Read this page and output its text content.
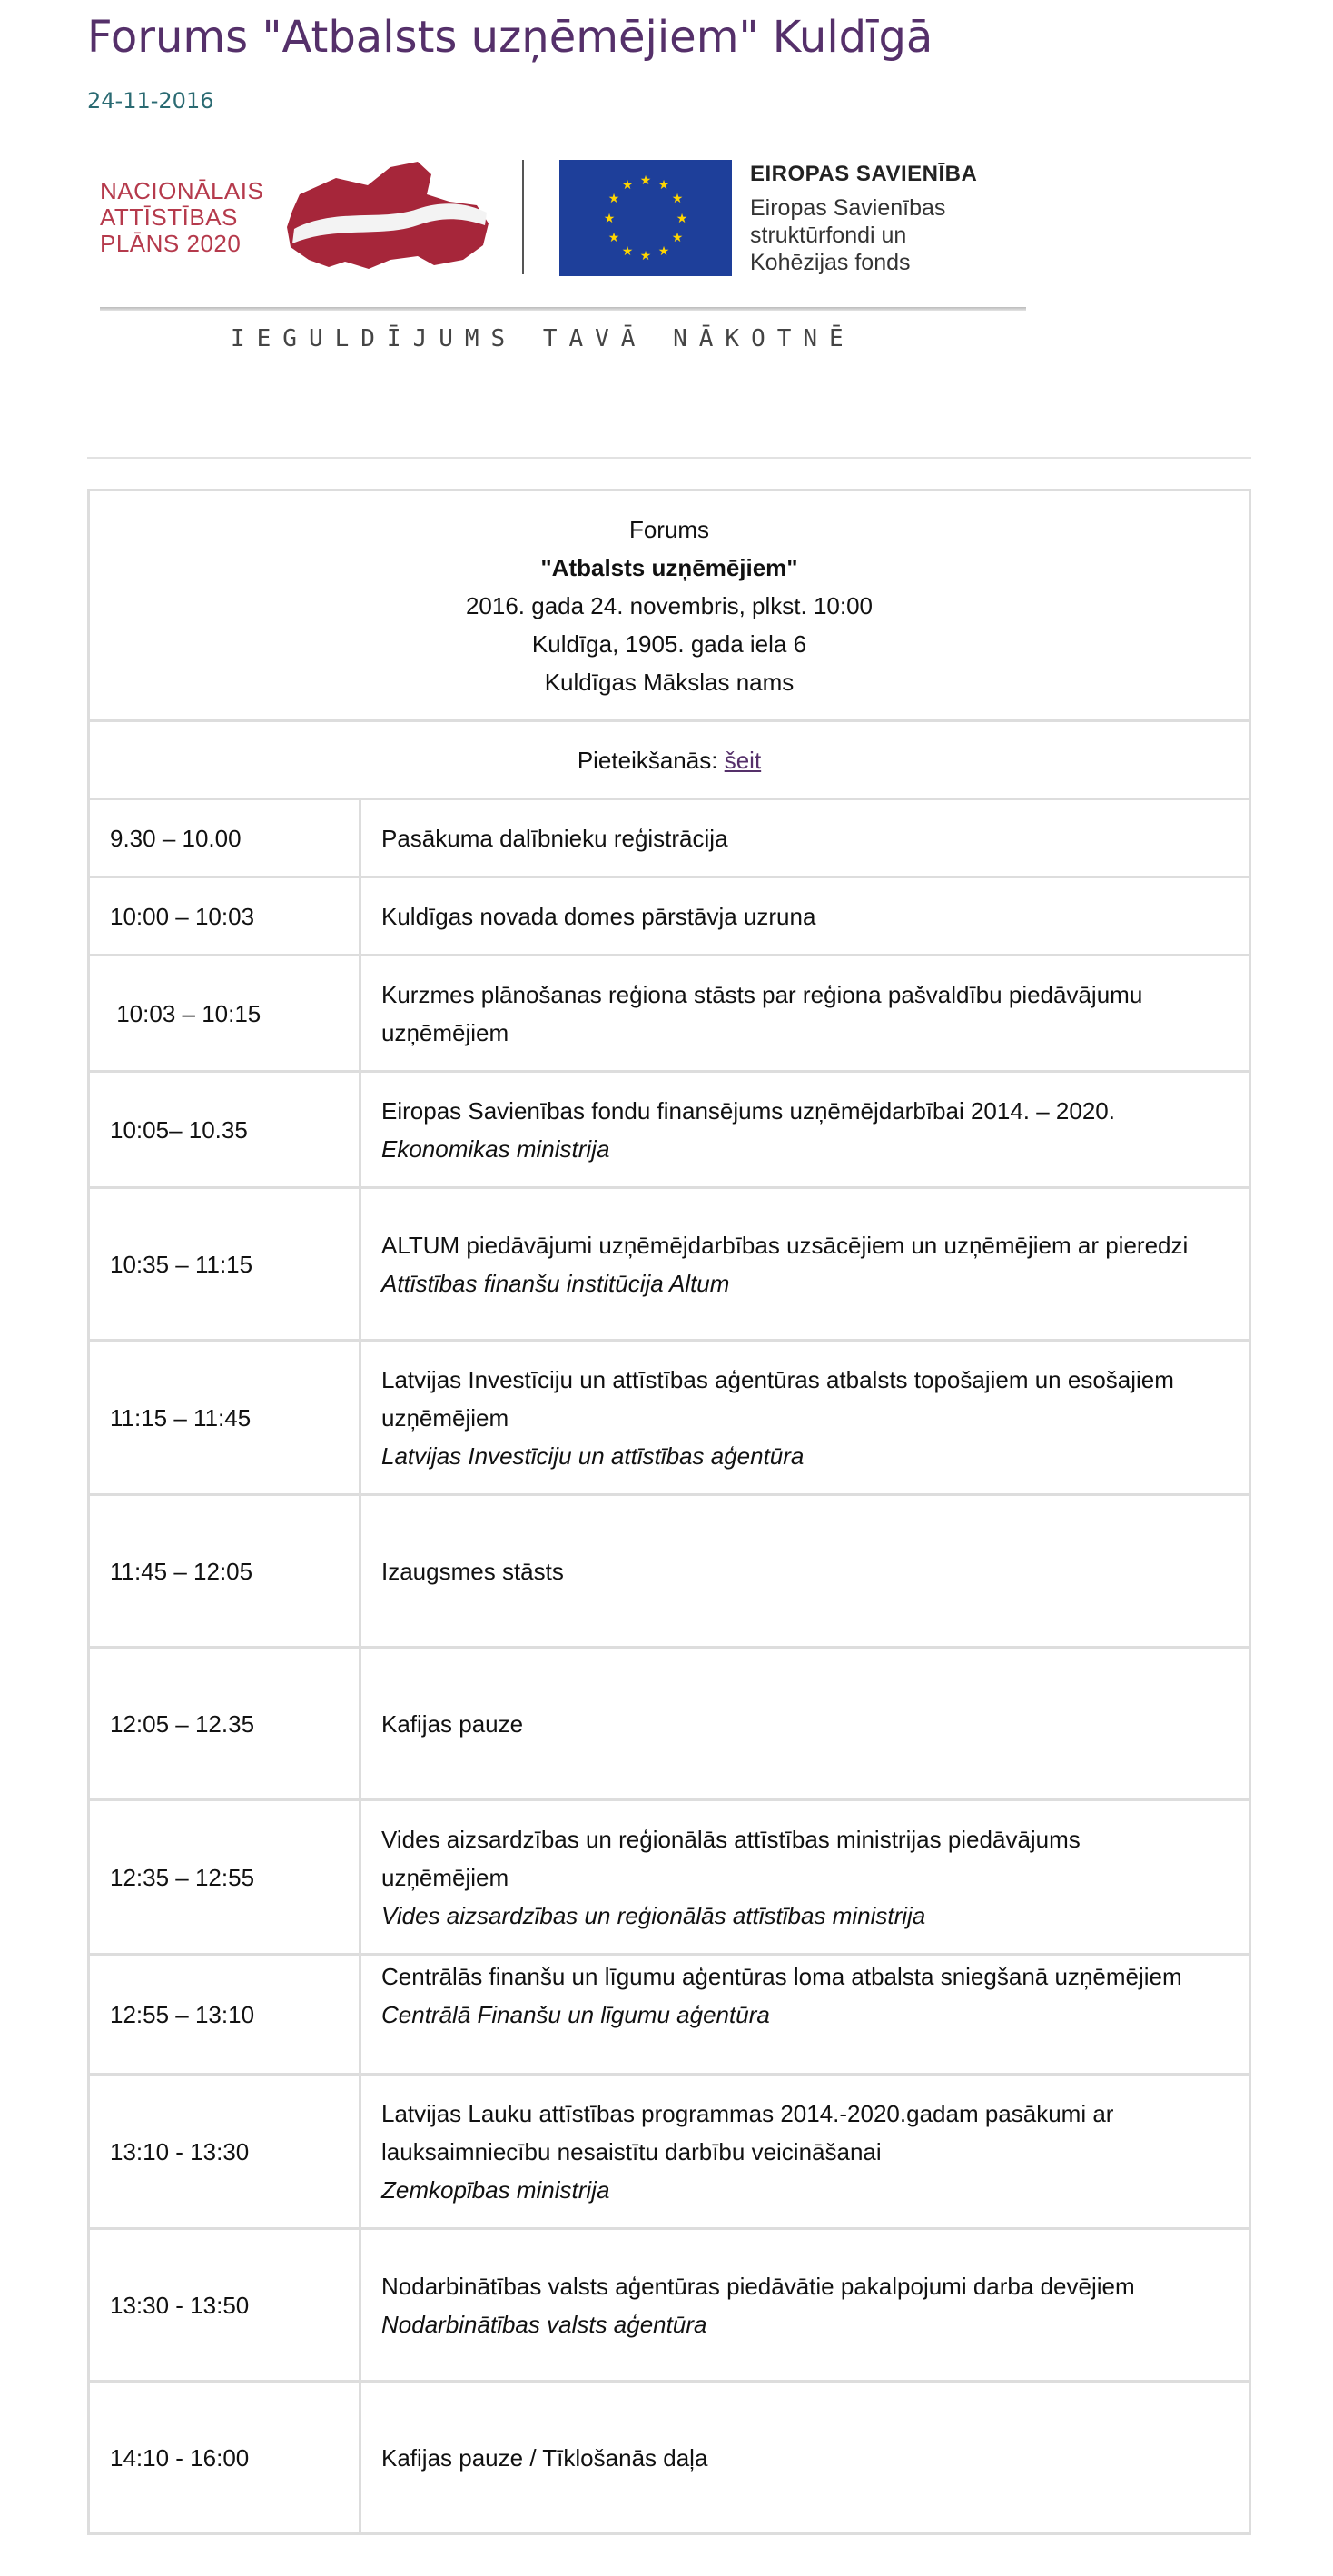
Forums "Atbalsts uzņēmējiem" Kuldīgā
24-11-2016
NACIONĀLAIS
ATTĪSTĪBAS
PLĀNS 2020
★ ★
★
★
★
★
★
★
★
★
★
★	EIROPAS SAVIENĪBA
Eiropas Savienības
struktūrfondi un
Kohēzijas fonds
IEGULDĪJUMS TAVĀ NĀKOTNĒ
Forums
"Atbalsts uzņēmējiem"
2016. gada 24. novembris, plkst. 10:00
Kuldīga, 1905. gada iela 6
Kuldīgas Mākslas nams	

Pieteikšanās: šeit	
9.30 – 10.00	Pasākuma dalībnieku reģistrācija

10:00 – 10:03	Kuldīgas novada domes pārstāvja uzruna

10:03 – 10:15	Kurzmes plānošanas reģiona stāsts par reģiona pašvaldību piedāvājumu
uzņēmējiem

10:05– 10.35	Eiropas Savienības fondu finansējums uzņēmējdarbībai 2014. – 2020.
Ekonomikas ministrija

10:35 – 11:15	ALTUM piedāvājumi uzņēmējdarbības uzsācējiem un uzņēmējiem ar pieredzi
Attīstības finanšu institūcija Altum

11:15 – 11:45	Latvijas Investīciju un attīstības aģentūras atbalsts topošajiem un esošajiem
uzņēmējiem
Latvijas Investīciju un attīstības aģentūra

11:45 – 12:05	Izaugsmes stāsts

12:05 – 12.35	Kafijas pauze

12:35 – 12:55	Vides aizsardzības un reģionālās attīstības ministrijas piedāvājums
uzņēmējiem
Vides aizsardzības un reģionālās attīstības ministrija

12:55 – 13:10	Centrālās finanšu un līgumu aģentūras loma atbalsta sniegšanā uzņēmējiem
Centrālā Finanšu un līgumu aģentūra

13:10 - 13:30	Latvijas Lauku attīstības programmas 2014.-2020.gadam pasākumi ar
lauksaimniecību nesaistītu darbību veicināšanai
Zemkopības ministrija

13:30 - 13:50	Nodarbinātības valsts aģentūras piedāvātie pakalpojumi darba devējiem
Nodarbinātības valsts aģentūra

14:10 - 16:00	Kafijas pauze / Tīklošanās daļa
